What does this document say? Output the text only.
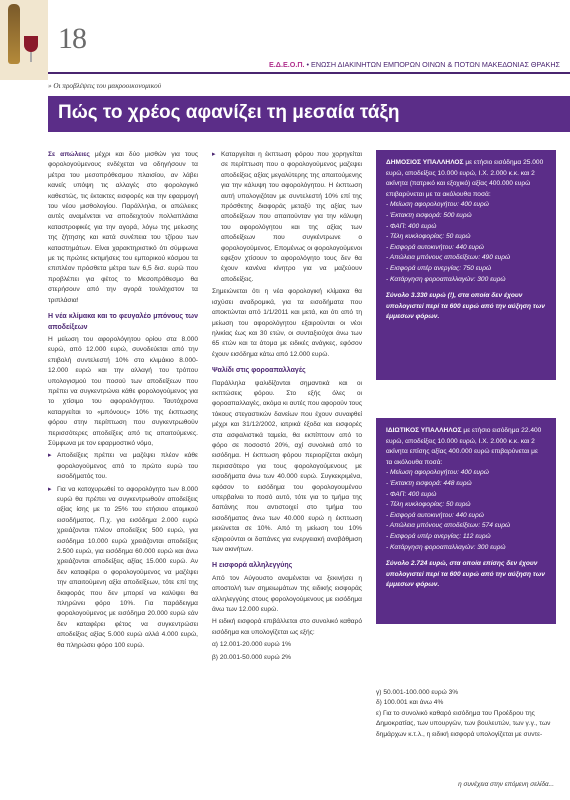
18
Ε.Δ.Ε.Ο.Π. • ΕΝΩΣΗ ΔΙΑΚΙΝΗΤΩΝ ΕΜΠΟΡΩΝ ΟΙΝΩΝ & ΠΟΤΩΝ ΜΑΚΕΔΟΝΙΑΣ ΘΡΑΚΗΣ
» Οι προβλέψεις του μακροοικονομικού
Πώς το χρέος αφανίζει τη μεσαία τάξη

Σε απώλειες μέχρι και δύο μισθών για τους φορολογούμενους ενδέχεται να οδηγήσουν τα μέτρα του μεσοπρόθεσμου πλαισίου, αν λάβει κανείς υπόψη τις αλλαγές στο φορολογικό καθεστώς, τις έκτακτες εισφορές και την εφαρμογή του νέου μισθολογίου. Παράλληλα, οι απώλειες αυτές αναμένεται να αποδειχτούν πολλαπλάσια καταστροφικές για την αγορά, λόγω της μείωσης της ζήτησης και κατά συνέπεια του τζίρου των καταστημάτων. Είναι χαρακτηριστικό ότι σύμφωνα με τις πρώτες εκτιμήσεις του εμπορικού κόσμου τα επιπλέον πρόσθετα μέτρα των 6,5 δισ. ευρώ που προβλέπει για φέτος το Μεσοπρόθεσμο θα στερήσουν από την αγορά τουλάχιστον τα τριπλάσια!

Η νέα κλίμακα και το φευγαλέο μπόνους των αποδείξεων

Η μείωση του αφορολόγητου ορίου στα 8.000 ευρώ, από 12.000 ευρώ, συνοδεύεται από την επιβολή συντελεστή 10% στο κλιμάκιο 8.000-12.000 ευρώ και την αλλαγή του τρόπου υπολογισμού του ποσού των αποδείξεων που πρέπει να συγκεντρώνει κάθε φορολογούμενος για το χτίσιμο του αφορολόγητου. Ταυτόχρονα καταργείται το «μπόνους» 10% της έκπτωσης φόρου στην περίπτωση που συγκεντρωθούν περισσότερες αποδείξεις από τις απαιτούμενες. Σύμφωνα με τον εφαρμοστικό νόμο,

▸ Αποδείξεις πρέπει να μαζέψει πλέον κάθε φορολογούμενος από το πρώτο ευρώ του εισοδήματός του.
▸ Για να κατοχυρωθεί το αφορολόγητο των 8.000 ευρώ θα πρέπει να συγκεντρωθούν αποδείξεις αξίας ίσης με το 25% του ετήσιου ατομικού εισοδήματος. Π.χ. για εισόδημα 2.000 ευρώ χρειάζονται πλέον αποδείξεις 500 ευρώ, για εισόδημα 10.000 ευρώ χρειάζονται αποδείξεις 2.500 ευρώ, για εισόδημα 60.000 ευρώ και άνω χρειάζονται αποδείξεις αξίας 15.000 ευρώ. Αν δεν καταφέρει ο φορολογούμενος να μαζέψει την απαιτούμενη αξία αποδείξεων, τότε επί της διαφοράς που δεν μπορεί να καλύψει θα πληρώνει φόρο 10%. Για παράδειγμα φορολογούμενος με εισόδημα 20.000 ευρώ εάν δεν καταφέρει φέτος να συγκεντρώσει αποδείξεις αξίας 5.000 ευρώ αλλά 4.000 ευρώ, θα πληρώσει φόρο 100 ευρώ.
▸ Καταργείται η έκπτωση φόρου που χορηγείται σε περίπτωση που ο φορολογούμενος μαζεψει αποδείξεις αξίας μεγαλύτερης της απαιτούμενης για την κάλυψη του αφορολόγητου. Η έκπτωση αυτή υπολογιζόταν με συντελεστή 10% επί της πρόσθετης διαφοράς μεταξύ της αξίας των αποδείξεων που απαιτούνταν για την κάλυψη του αφορολόγητου και της αξίας των αποδείξεων που συγκέντρωνε ο φορολογούμενος. Επομένως οι φορολογούμενοι εφεξον χτίσουν το αφορολόγητο τους δεν θα έχουν κανένα κίνητρο για να μαζεύουν αποδείξεις.

Σημειώνεται ότι η νέα φορολογική κλίμακα θα ισχύσει αναδρομικά, για τα εισοδήματα που αποκτώνται από 1/1/2011 και μετά, και ότι από τη μείωση του αφορολόγητου εξαιρούνται οι νέοι ηλικίας έως και 30 ετών, οι συνταξιούχοι άνω των 65 ετών και τα άτομα με ειδικές ανάγκες, εφόσον έχουν εισόδημα κάτω από 12.000 ευρώ.

Ψαλίδι στις φοροαπαλλαγές

Παράλληλα ψαλιδίζονται σημαντικά και οι εκπτώσεις φόρου. Στο εξής όλες οι φοροαπαλλαγές, ακόμα κι αυτές που αφορούν τους τόκους στεγαστικών δανείων που έχουν συναφθεί μέχρι και 31/12/2002, ιατρικά έξοδα και εισφορές στα ασφαλιστικά ταμεία, θα εκπίπτουν από το φόρο σε ποσοστό 20%, αχί συνολικά από το εισόδημα. Η έκπτωση φόρου περιορίζεται ακόμη περισσότερο για τους φορολογούμενους με εισοδήματα άνω των 40.000 ευρώ. Συγκεκριμένα, εφόσον το εισόδημα του φορολογουμένου υπερβαίνει το ποσό αυτό, τότε για το τμήμα της δαπάνης που αντιστοιχεί στο τμήμα του εισοδήματος άνω των 40.000 ευρώ η έκπτωση μειώνεται σε 10%. Από τη μείωση του 10% εξαιρούνται οι δαπάνες για ενεργειακή αναβάθμιση των ακινήτων.

Η εισφορά αλληλεγγύης

Από τον Αύγουστο αναμένεται να ξεκινήσει η αποστολή των σημειωμάτων της ειδικής εισφοράς αλληλεγγύης στους φορολογούμενους με εισόδημα άνω των 12.000 ευρώ.

Η ειδική εισφορά επιβάλλεται στο συνολικό καθαρό εισόδημα και υπολογίζεται ως εξής:

α) 12.001-20.000 ευρώ 1%

β) 20.001-50.000 ευρώ 2%

ΔΗΜΟΣΙΟΣ ΥΠΑΛΛΗΛΟΣ με ετήσιο εισόδημα 25.000 ευρώ, αποδείξεις 10.000 ευρώ, Ι.Χ. 2.000 κ.κ. και 2 ακίνητα (πατρικό και εξοχικό) αξίας 400.000 ευρώ επιβαρύνεται με τα ακόλουθα ποσά:

- Μείωση αφορολογήτου: 400 ευρώ
- Έκτακτη εισφορά: 500 ευρώ
- ΦΑΠ: 400 ευρώ
- Τέλη κυκλοφορίας: 50 ευρώ
- Εισφορά αυτοκινήτου: 440 ευρώ
- Απώλεια μπόνους αποδείξεων: 490 ευρώ
- Εισφορά υπέρ ανεργίας: 750 ευρώ
- Κατάργηση φοροαπαλλαγών: 300 ευρώ
Σύνολο 3.330 ευρώ (!), στα οποία δεν έχουν υπολογιστεί περί τα 600 ευρώ από την αύξηση των έμμεσων φόρων.

ΙΔΙΩΤΙΚΟΣ ΥΠΑΛΛΗΛΟΣ με ετήσιο εισόδημα 22.400 ευρώ, αποδείξεις 10.000 ευρώ, Ι.Χ. 2.000 κ.κ. και 2 ακίνητα επίσης αξίας 400.000 ευρώ επιβαρύνεται με τα ακόλουθα ποσά:

- Μείωση αφορολογήτου: 400 ευρώ
- Έκτακτη εισφορά: 448 ευρώ
- ΦΑΠ: 400 ευρώ
- Τέλη κυκλοφορίας: 50 ευρώ
- Εισφορά αυτοκινήτου: 440 ευρώ
- Απώλεια μπόνους αποδείξεων: 574 ευρώ
- Εισφορά υπέρ ανεργίας: 112 ευρώ
- Κατάργηση φοροαπαλλαγών: 300 ευρώ
Σύνολο 2.724 ευρώ, στα οποία επίσης δεν έχουν υπολογιστεί περί τα 600 ευρώ από την αύξηση των έμμεσων φόρων.

γ) 50.001-100.000 ευρώ 3%

δ) 100.001 και άνω 4%

ε) Για το συνολικό καθαρό εισόδημα του Προέδρου της Δημοκρατίας, των υπουργών, των βουλευτών, των γ.γ., των δημάρχων κ.τ.λ., η ειδική εισφορά υπολογίζεται με συντε-

η συνέχεια στην επόμενη σελίδα...
